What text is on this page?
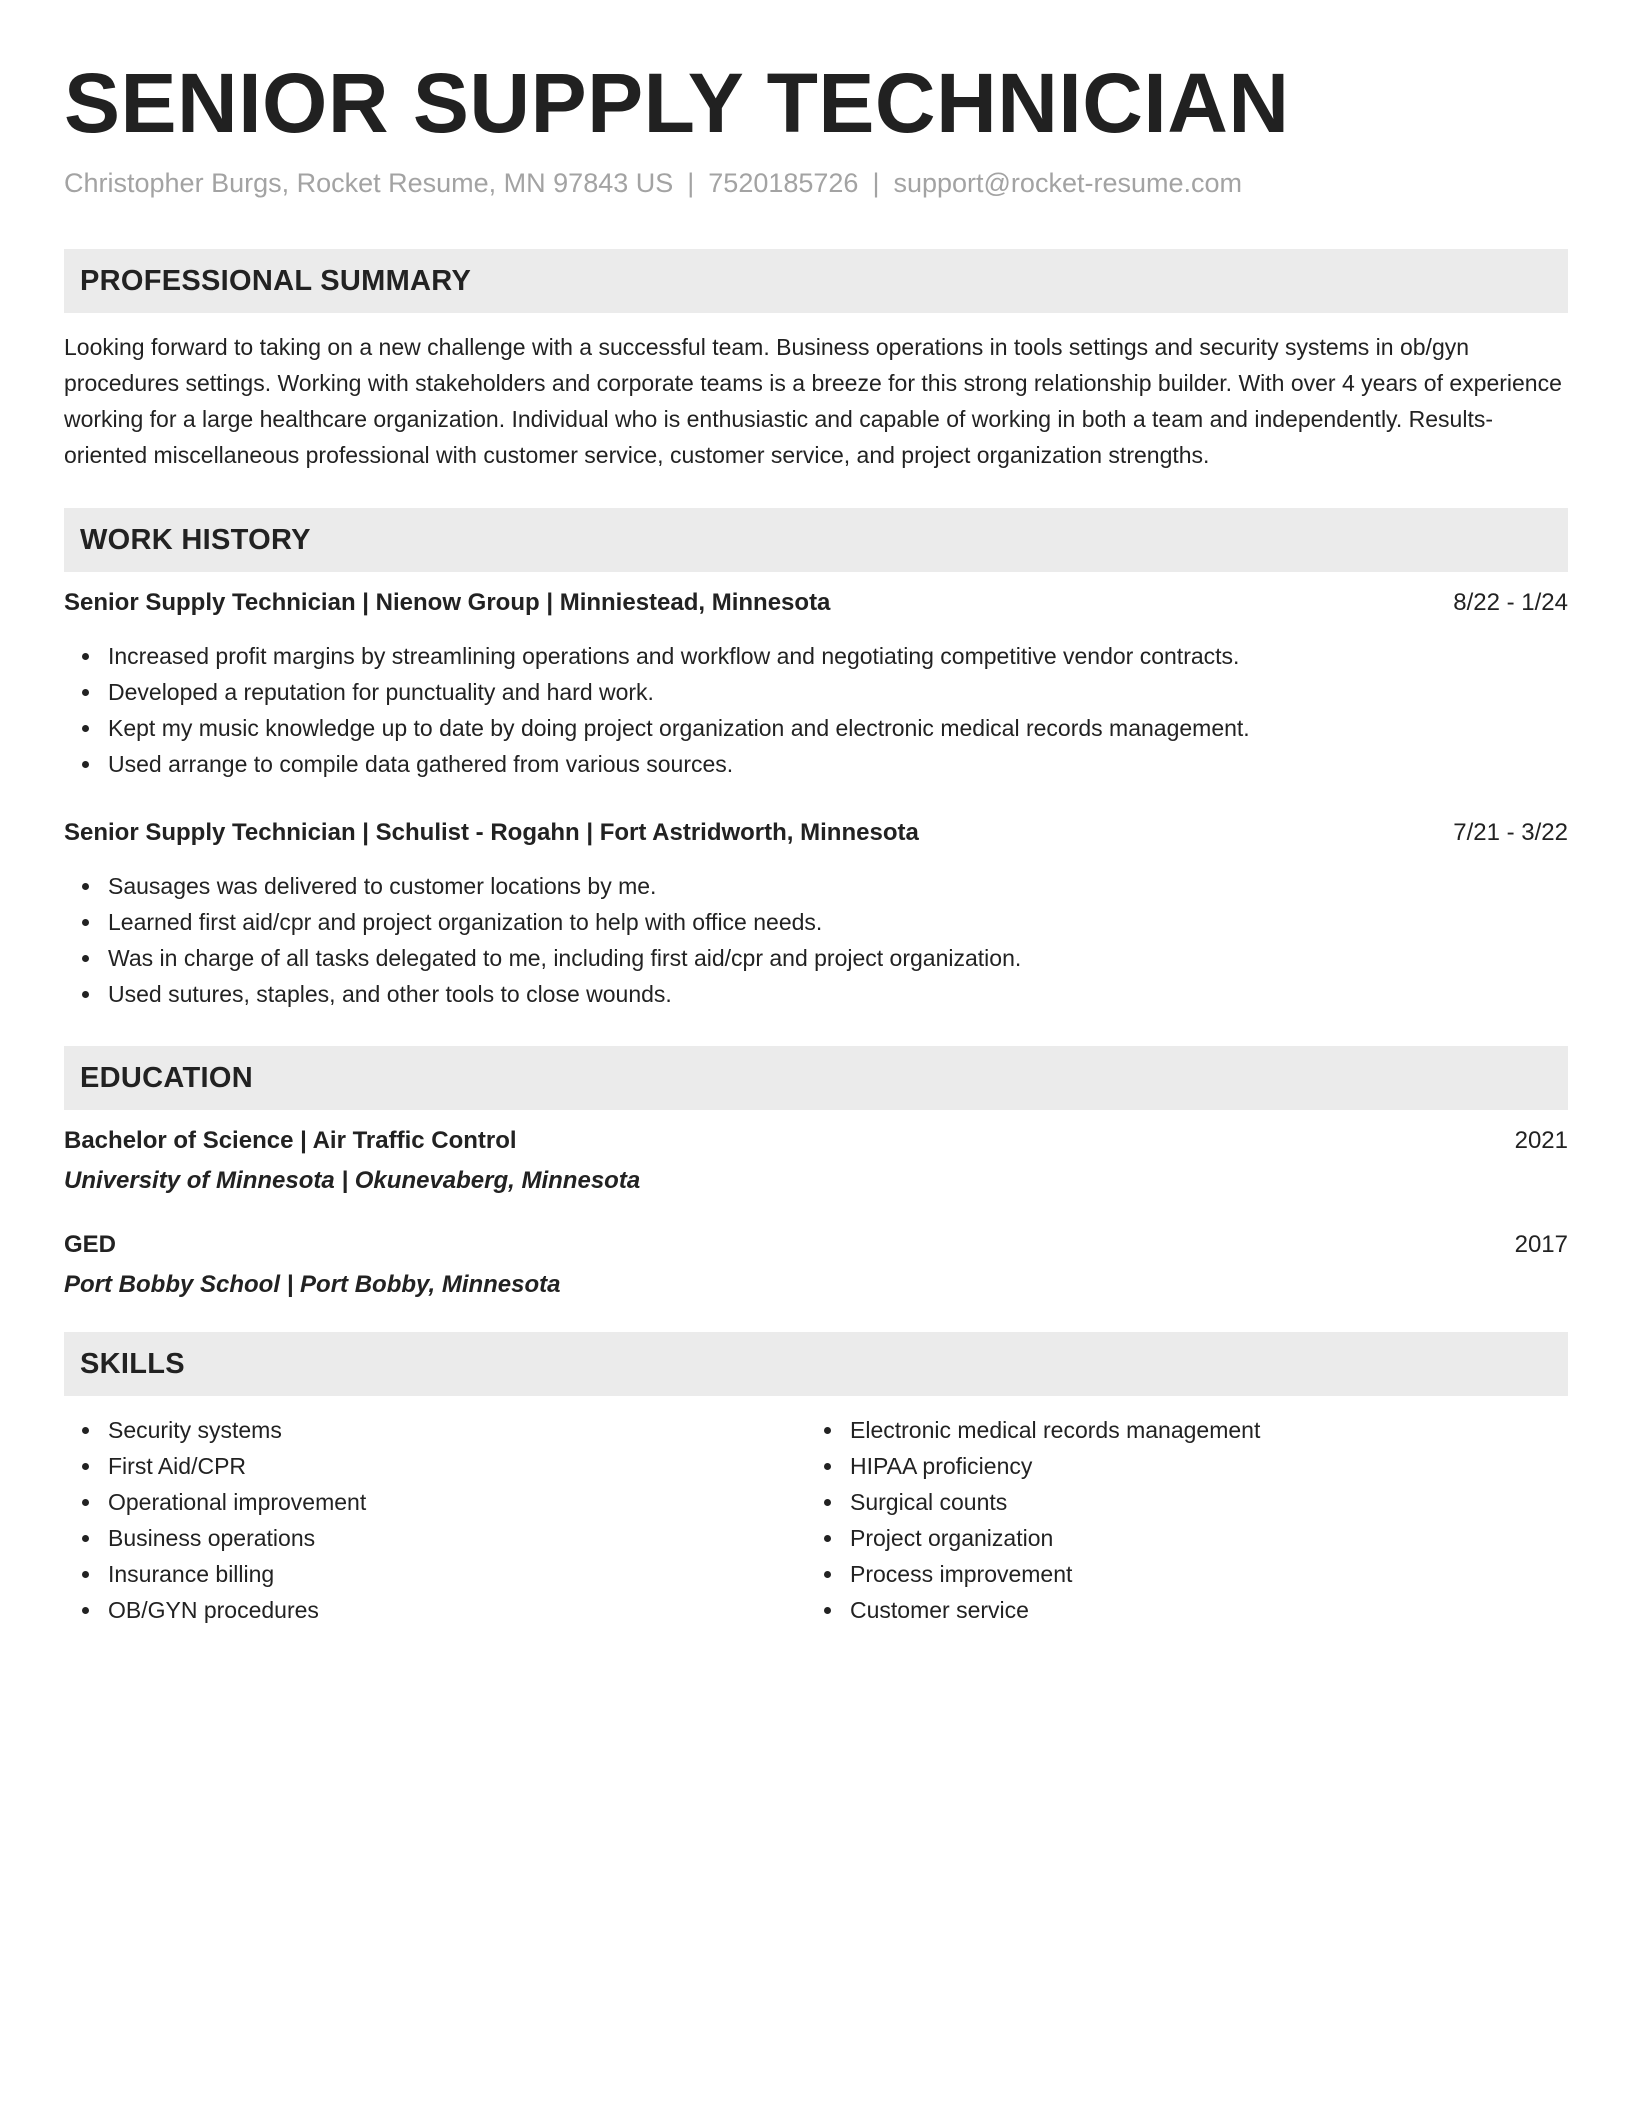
SENIOR SUPPLY TECHNICIAN
Christopher Burgs, Rocket Resume, MN 97843 US | 7520185726 | support@rocket-resume.com
PROFESSIONAL SUMMARY

Looking forward to taking on a new challenge with a successful team. Business operations in tools settings and security systems in ob/gyn procedures settings. Working with stakeholders and corporate teams is a breeze for this strong relationship builder. With over 4 years of experience working for a large healthcare organization. Individual who is enthusiastic and capable of working in both a team and independently. Results-oriented miscellaneous professional with customer service, customer service, and project organization strengths.

WORK HISTORY
Senior Supply Technician | Nienow Group | Minniestead, Minnesota	8/22 - 1/24
Increased profit margins by streamlining operations and workflow and negotiating competitive vendor contracts.
Developed a reputation for punctuality and hard work.
Kept my music knowledge up to date by doing project organization and electronic medical records management.
Used arrange to compile data gathered from various sources.
Senior Supply Technician | Schulist - Rogahn | Fort Astridworth, Minnesota	7/21 - 3/22
Sausages was delivered to customer locations by me.
Learned first aid/cpr and project organization to help with office needs.
Was in charge of all tasks delegated to me, including first aid/cpr and project organization.
Used sutures, staples, and other tools to close wounds.
EDUCATION
Bachelor of Science | Air Traffic Control	2021
University of Minnesota | Okunevaberg, Minnesota
GED	2017
Port Bobby School | Port Bobby, Minnesota
SKILLS
Security systems
First Aid/CPR
Operational improvement
Business operations
Insurance billing
OB/GYN procedures
Electronic medical records management
HIPAA proficiency
Surgical counts
Project organization
Process improvement
Customer service
